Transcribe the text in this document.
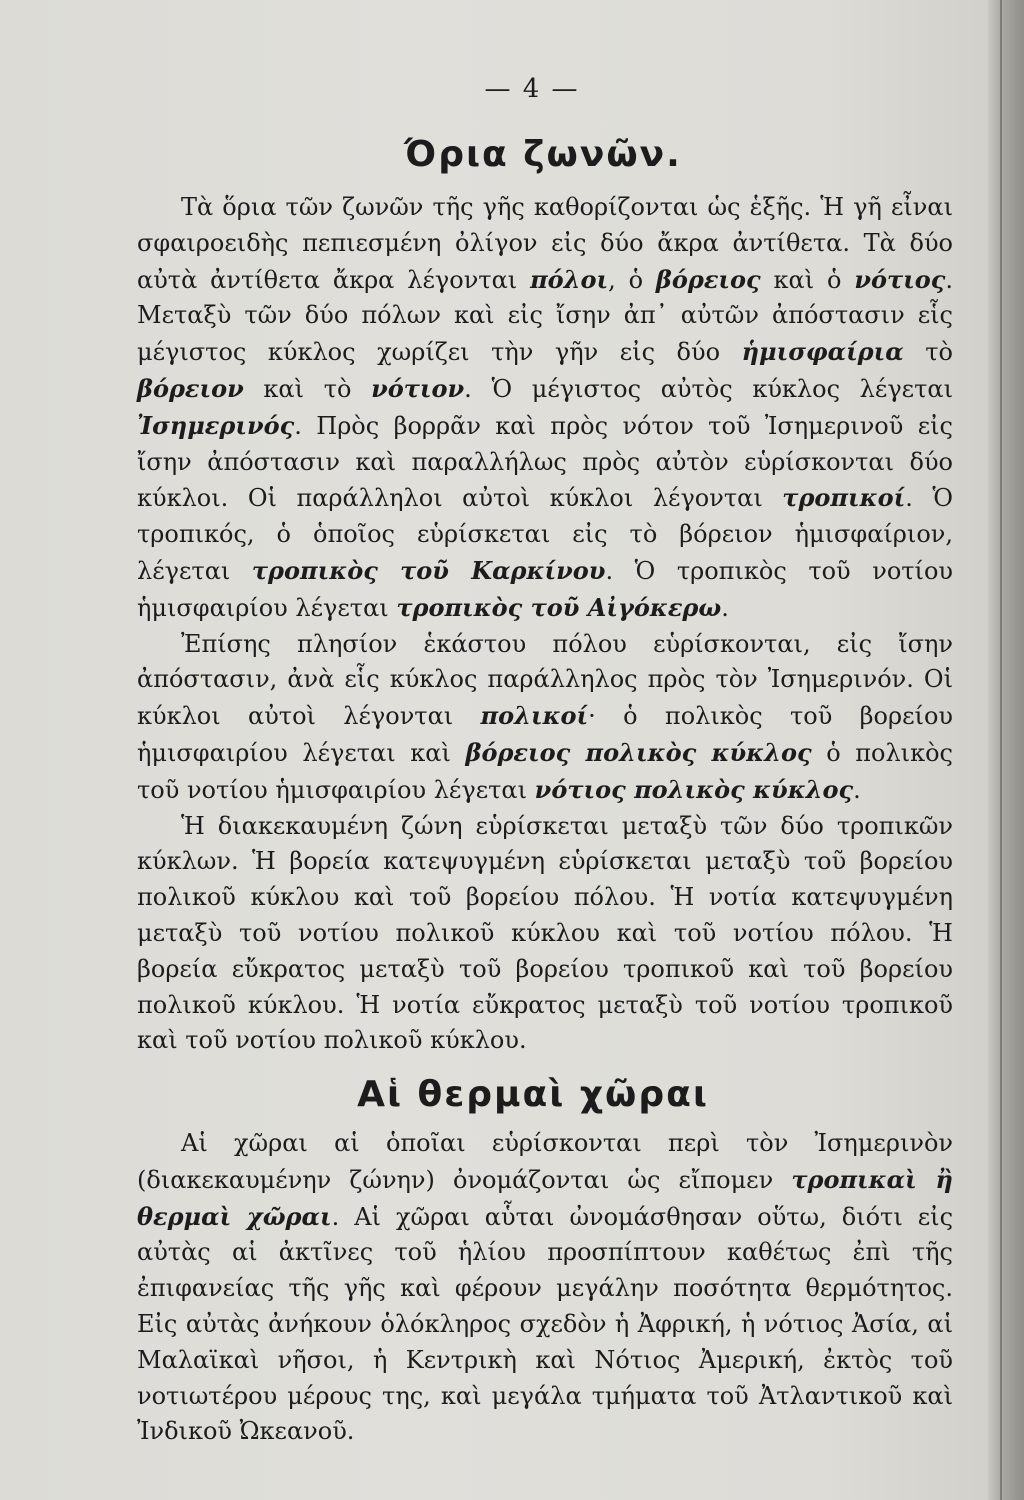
— 4 —
Όρια ζωνῶν.

Τὰ ὅρια τῶν ζωνῶν τῆς γῆς καθορίζονται ὡς ἑξῆς. Ἡ γῆ εἶναι σφαιροειδὴς πεπιεσμένη ὀλίγον εἰς δύο ἄκρα ἀντίθετα. Τὰ δύο αὐτὰ ἀντίθετα ἄκρα λέγονται πόλοι, ὁ βόρειος καὶ ὁ νότιος. Μεταξὺ τῶν δύο πόλων καὶ εἰς ἴσην ἀπ᾿ αὐτῶν ἀπόστασιν εἷς μέγιστος κύκλος χωρίζει τὴν γῆν εἰς δύο ἡμισφαίρια τὸ βόρειον καὶ τὸ νότιον. Ὁ μέγιστος αὐτὸς κύκλος λέγεται Ἰσημερινός. Πρὸς βορρᾶν καὶ πρὸς νότον τοῦ Ἰσημερινοῦ εἰς ἴσην ἀπόστασιν καὶ παραλλήλως πρὸς αὐτὸν εὑρίσκονται δύο κύκλοι. Οἱ παράλληλοι αὐτοὶ κύκλοι λέγονται τροπικοί. Ὁ τροπικός, ὁ ὁποῖος εὑρίσκεται εἰς τὸ βόρειον ἡμισφαίριον, λέγεται τροπικὸς τοῦ Καρκίνου. Ὁ τροπικὸς τοῦ νοτίου ἡμισφαιρίου λέγεται τροπικὸς τοῦ Αἰγόκερω.

Ἐπίσης πλησίον ἑκάστου πόλου εὑρίσκονται, εἰς ἴσην ἀπόστασιν, ἀνὰ εἷς κύκλος παράλληλος πρὸς τὸν Ἰσημερινόν. Οἱ κύκλοι αὐτοὶ λέγονται πολικοί· ὁ πολικὸς τοῦ βορείου ἡμισφαιρίου λέγεται καὶ βόρειος πολικὸς κύκλος ὁ πολικὸς τοῦ νοτίου ἡμισφαιρίου λέγεται νότιος πολικὸς κύκλος.

Ἡ διακεκαυμένη ζώνη εὑρίσκεται μεταξὺ τῶν δύο τροπικῶν κύκλων. Ἡ βορεία κατεψυγμένη εὑρίσκεται μεταξὺ τοῦ βορείου πολικοῦ κύκλου καὶ τοῦ βορείου πόλου. Ἡ νοτία κατεψυγμένη μεταξὺ τοῦ νοτίου πολικοῦ κύκλου καὶ τοῦ νοτίου πόλου. Ἡ βορεία εὔκρατος μεταξὺ τοῦ βορείου τροπικοῦ καὶ τοῦ βορείου πολικοῦ κύκλου. Ἡ νοτία εὔκρατος μεταξὺ τοῦ νοτίου τροπικοῦ καὶ τοῦ νοτίου πολικοῦ κύκλου.

Αἱ θερμαὶ χῶραι

Αἱ χῶραι αἱ ὁποῖαι εὑρίσκονται περὶ τὸν Ἰσημερινὸν (διακεκαυμένην ζώνην) ὀνομάζονται ὡς εἴπομεν τροπικαὶ ἢ θερμαὶ χῶραι. Αἱ χῶραι αὗται ὠνομάσθησαν οὕτω, διότι εἰς αὐτὰς αἱ ἀκτῖνες τοῦ ἡλίου προσπίπτουν καθέτως ἐπὶ τῆς ἐπιφανείας τῆς γῆς καὶ φέρουν μεγάλην ποσότητα θερμότητος. Εἰς αὐτὰς ἀνήκουν ὁλόκληρος σχεδὸν ἡ Ἀφρική, ἡ νότιος Ἀσία, αἱ Μαλαϊκαὶ νῆσοι, ἡ Κεντρικὴ καὶ Νότιος Ἀμερική, ἐκτὸς τοῦ νοτιωτέρου μέρους της, καὶ μεγάλα τμήματα τοῦ Ἀτλαντικοῦ καὶ Ἰνδικοῦ Ὠκεανοῦ.
